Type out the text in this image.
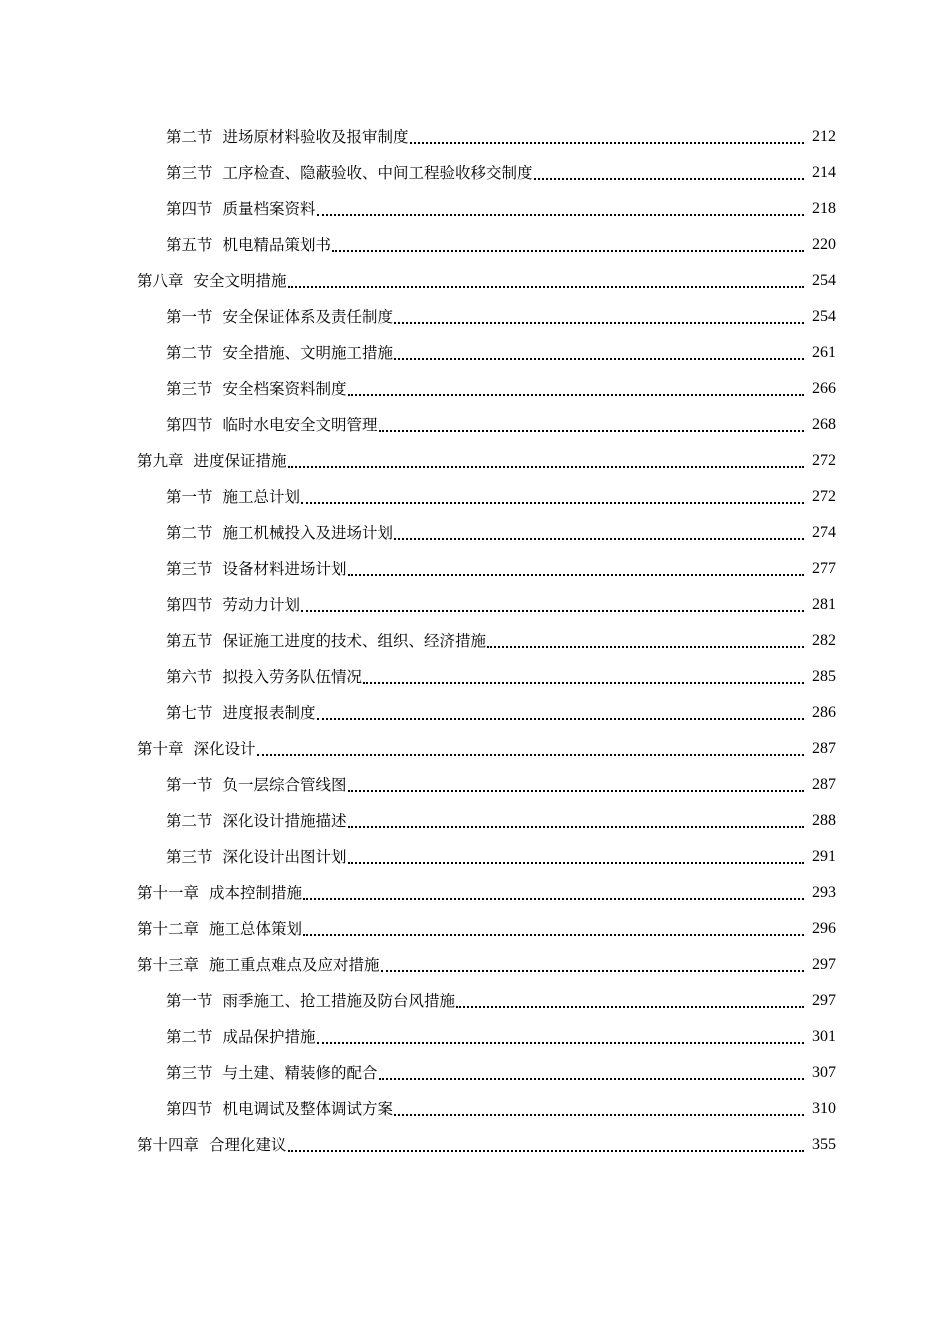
第二节 进场原材料验收及报审制度	212
第三节 工序检查、隐蔽验收、中间工程验收移交制度	214
第四节 质量档案资料	218
第五节 机电精品策划书	220
第八章 安全文明措施	254
第一节 安全保证体系及责任制度	254
第二节 安全措施、文明施工措施	261
第三节 安全档案资料制度	266
第四节 临时水电安全文明管理	268
第九章 进度保证措施	272
第一节 施工总计划	272
第二节 施工机械投入及进场计划	274
第三节 设备材料进场计划	277
第四节 劳动力计划	281
第五节 保证施工进度的技术、组织、经济措施	282
第六节 拟投入劳务队伍情况	285
第七节 进度报表制度	286
第十章 深化设计	287
第一节 负一层综合管线图	287
第二节 深化设计措施描述	288
第三节 深化设计出图计划	291
第十一章 成本控制措施	293
第十二章 施工总体策划	296
第十三章 施工重点难点及应对措施	297
第一节 雨季施工、抢工措施及防台风措施	297
第二节 成品保护措施	301
第三节 与土建、精装修的配合	307
第四节 机电调试及整体调试方案	310
第十四章 合理化建议	355
